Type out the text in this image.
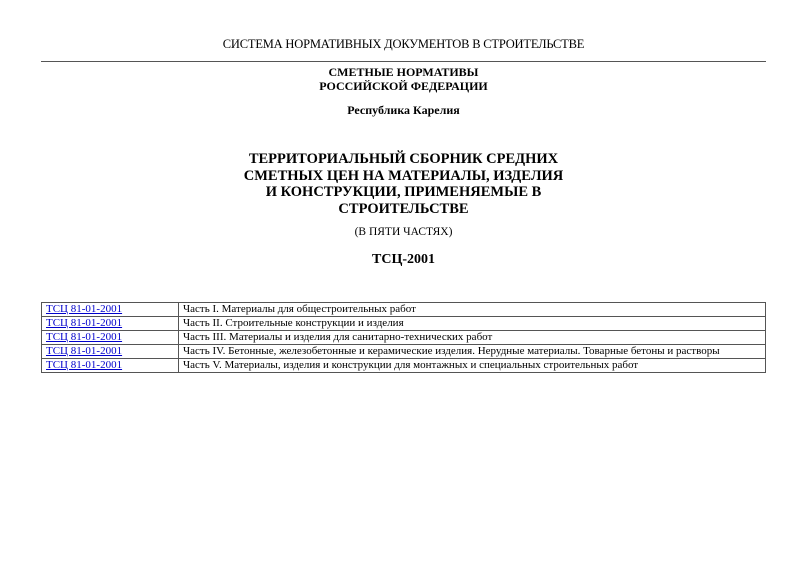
СИСТЕМА НОРМАТИВНЫХ ДОКУМЕНТОВ В СТРОИТЕЛЬСТВЕ
СМЕТНЫЕ НОРМАТИВЫ
РОССИЙСКОЙ ФЕДЕРАЦИИ
Республика Карелия
ТЕРРИТОРИАЛЬНЫЙ СБОРНИК СРЕДНИХ
СМЕТНЫХ ЦЕН НА МАТЕРИАЛЫ, ИЗДЕЛИЯ
И КОНСТРУКЦИИ, ПРИМЕНЯЕМЫЕ В
СТРОИТЕЛЬСТВЕ
(В ПЯТИ ЧАСТЯХ)
ТСЦ-2001
ТСЦ 81-01-2001	Часть I. Материалы для общестроительных работ
ТСЦ 81-01-2001	Часть II. Строительные конструкции и изделия
ТСЦ 81-01-2001	Часть III. Материалы и изделия для санитарно-технических работ
ТСЦ 81-01-2001	Часть IV. Бетонные, железобетонные и керамические изделия. Нерудные материалы. Товарные бетоны и растворы
ТСЦ 81-01-2001	Часть V. Материалы, изделия и конструкции для монтажных и специальных строительных работ
